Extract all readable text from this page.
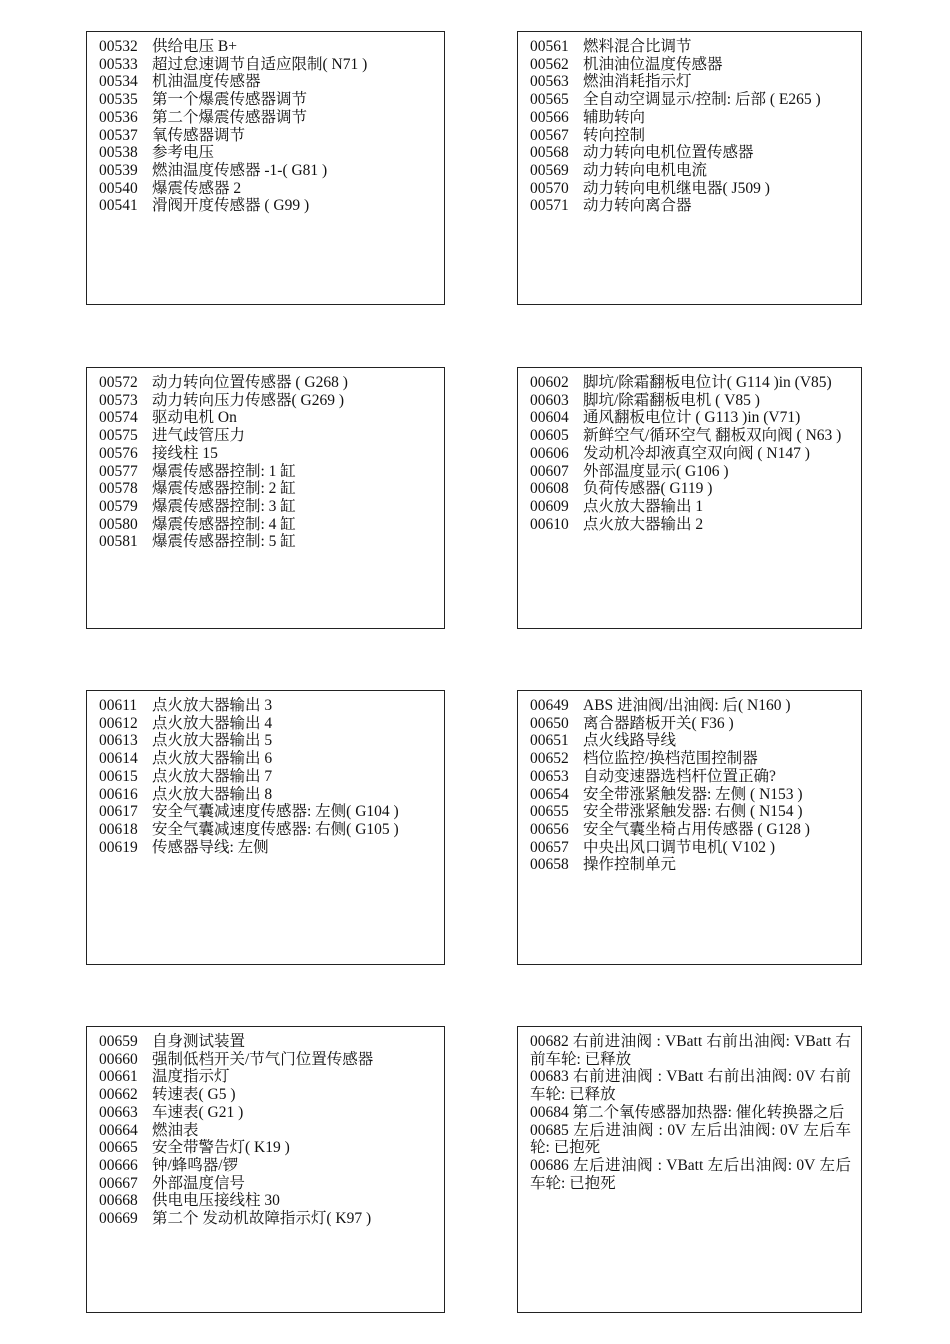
00532 供给电压 B+
00533 超过怠速调节自适应限制( N71 )
00534 机油温度传感器
00535 第一个爆震传感器调节
00536 第二个爆震传感器调节
00537 氧传感器调节
00538 参考电压
00539 燃油温度传感器 -1-( G81 )
00540 爆震传感器 2
00541 滑阀开度传感器 ( G99 )
00561 燃料混合比调节
00562 机油油位温度传感器
00563 燃油消耗指示灯
00565 全自动空调显示/控制: 后部 ( E265 )
00566 辅助转向
00567 转向控制
00568 动力转向电机位置传感器
00569 动力转向电机电流
00570 动力转向电机继电器( J509 )
00571 动力转向离合器
00572 动力转向位置传感器 ( G268 )
00573 动力转向压力传感器( G269 )
00574 驱动电机 On
00575 进气歧管压力
00576 接线柱 15
00577 爆震传感器控制: 1 缸
00578 爆震传感器控制: 2 缸
00579 爆震传感器控制: 3 缸
00580 爆震传感器控制: 4 缸
00581 爆震传感器控制: 5 缸
00602 脚坑/除霜翻板电位计( G114 )in (V85)
00603 脚坑/除霜翻板电机 ( V85 )
00604 通风翻板电位计 ( G113 )in (V71)
00605 新鲜空气/循环空气 翻板双向阀 ( N63 )
00606 发动机冷却液真空双向阀 ( N147 )
00607 外部温度显示( G106 )
00608 负荷传感器( G119 )
00609 点火放大器输出 1
00610 点火放大器输出 2
00611 点火放大器输出 3
00612 点火放大器输出 4
00613 点火放大器输出 5
00614 点火放大器输出 6
00615 点火放大器输出 7
00616 点火放大器输出 8
00617 安全气囊减速度传感器: 左侧( G104 )
00618 安全气囊减速度传感器: 右侧( G105 )
00619 传感器导线: 左侧
00649 ABS 进油阀/出油阀: 后( N160 )
00650 离合器踏板开关( F36 )
00651 点火线路导线
00652 档位监控/换档范围控制器
00653 自动变速器选档杆位置正确?
00654 安全带涨紧触发器: 左侧 ( N153 )
00655 安全带涨紧触发器: 右侧 ( N154 )
00656 安全气囊坐椅占用传感器 ( G128 )
00657 中央出风口调节电机( V102 )
00658 操作控制单元
00659 自身测试装置
00660 强制低档开关/节气门位置传感器
00661 温度指示灯
00662 转速表( G5 )
00663 车速表( G21 )
00664 燃油表
00665 安全带警告灯( K19 )
00666 钟/蜂鸣器/锣
00667 外部温度信号
00668 供电电压接线柱 30
00669 第二个 发动机故障指示灯( K97 )
00682 右前进油阀 : VBatt 右前出油阀: VBatt 右前车轮: 已释放
00683 右前进油阀 : VBatt 右前出油阀: 0V 右前车轮: 已释放
00684 第二个氧传感器加热器: 催化转换器之后
00685 左后进油阀 : 0V 左后出油阀: 0V 左后车轮: 已抱死
00686 左后进油阀 : VBatt 左后出油阀: 0V 左后车轮: 已抱死
